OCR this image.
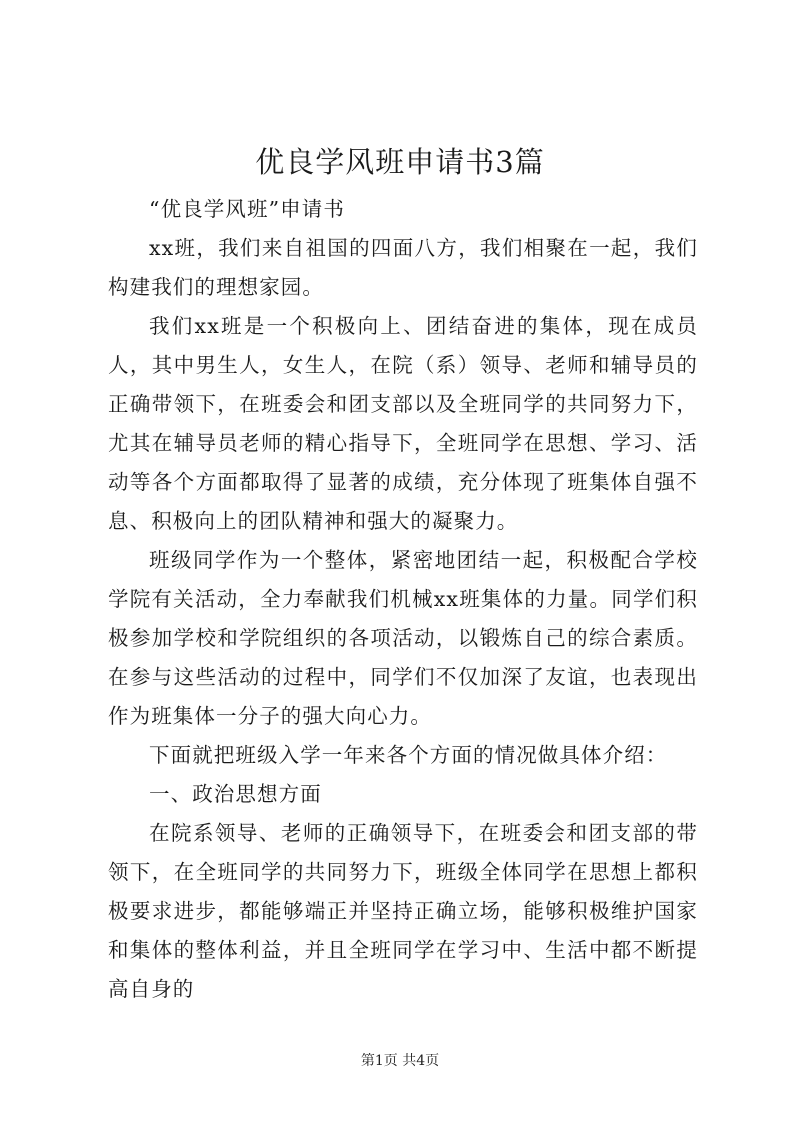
优良学风班申请书3篇

“优良学风班”申请书

xx班，我们来自祖国的四面八方，我们相聚在一起，我们构建我们的理想家园。

我们xx班是一个积极向上、团结奋进的集体，现在成员人，其中男生人，女生人，在院（系）领导、老师和辅导员的正确带领下，在班委会和团支部以及全班同学的共同努力下，尤其在辅导员老师的精心指导下，全班同学在思想、学习、活动等各个方面都取得了显著的成绩，充分体现了班集体自强不息、积极向上的团队精神和强大的凝聚力。

班级同学作为一个整体，紧密地团结一起，积极配合学校学院有关活动，全力奉献我们机械xx班集体的力量。同学们积极参加学校和学院组织的各项活动，以锻炼自己的综合素质。在参与这些活动的过程中，同学们不仅加深了友谊，也表现出作为班集体一分子的强大向心力。

下面就把班级入学一年来各个方面的情况做具体介绍：

一、政治思想方面

在院系领导、老师的正确领导下，在班委会和团支部的带领下，在全班同学的共同努力下，班级全体同学在思想上都积极要求进步，都能够端正并坚持正确立场，能够积极维护国家和集体的整体利益，并且全班同学在学习中、生活中都不断提高自身的

第1页 共4页
